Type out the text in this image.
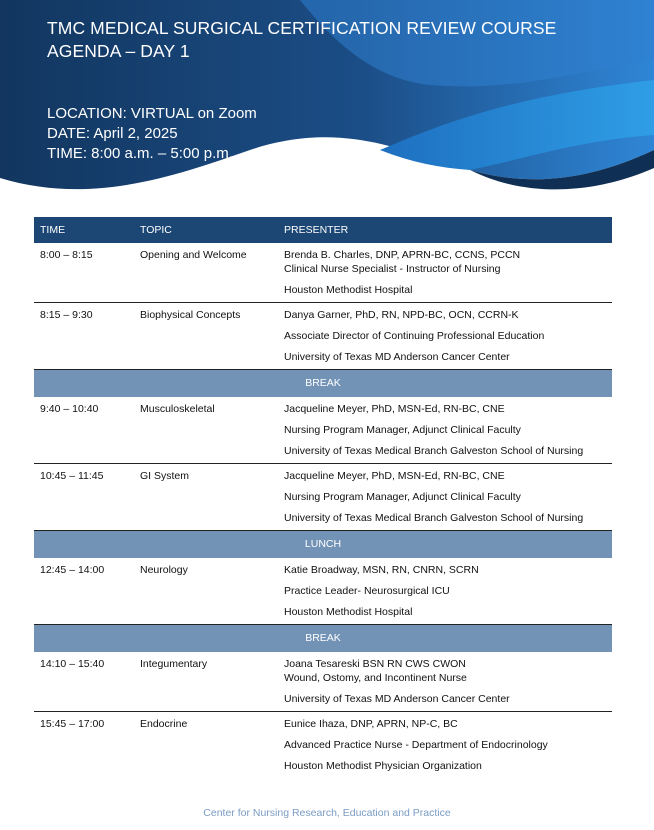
TMC MEDICAL SURGICAL CERTIFICATION REVIEW COURSE
AGENDA – DAY 1
LOCATION: VIRTUAL on Zoom
DATE: April 2, 2025
TIME: 8:00 a.m. – 5:00 p.m.
TIME	TOPIC	PRESENTER
8:00 – 8:15	Opening and Welcome	Brenda B. Charles, DNP, APRN-BC, CCNS, PCCN
Clinical Nurse Specialist - Instructor of Nursing
Houston Methodist Hospital
8:15 – 9:30	Biophysical Concepts	Danya Garner, PhD, RN, NPD-BC, OCN, CCRN-K
Associate Director of Continuing Professional Education
University of Texas MD Anderson Cancer Center
BREAK
9:40 – 10:40	Musculoskeletal	Jacqueline Meyer, PhD, MSN-Ed, RN-BC, CNE
Nursing Program Manager, Adjunct Clinical Faculty
University of Texas Medical Branch Galveston School of Nursing
10:45 – 11:45	GI System	Jacqueline Meyer, PhD, MSN-Ed, RN-BC, CNE
Nursing Program Manager, Adjunct Clinical Faculty
University of Texas Medical Branch Galveston School of Nursing
LUNCH
12:45 – 14:00	Neurology	Katie Broadway, MSN, RN, CNRN, SCRN
Practice Leader- Neurosurgical ICU
Houston Methodist Hospital
BREAK
14:10 – 15:40	Integumentary	Joana Tesareski BSN RN CWS CWON
Wound, Ostomy, and Incontinent Nurse
University of Texas MD Anderson Cancer Center
15:45 – 17:00	Endocrine	Eunice Ihaza, DNP, APRN, NP-C, BC
Advanced Practice Nurse - Department of Endocrinology
Houston Methodist Physician Organization
Center for Nursing Research, Education and Practice
